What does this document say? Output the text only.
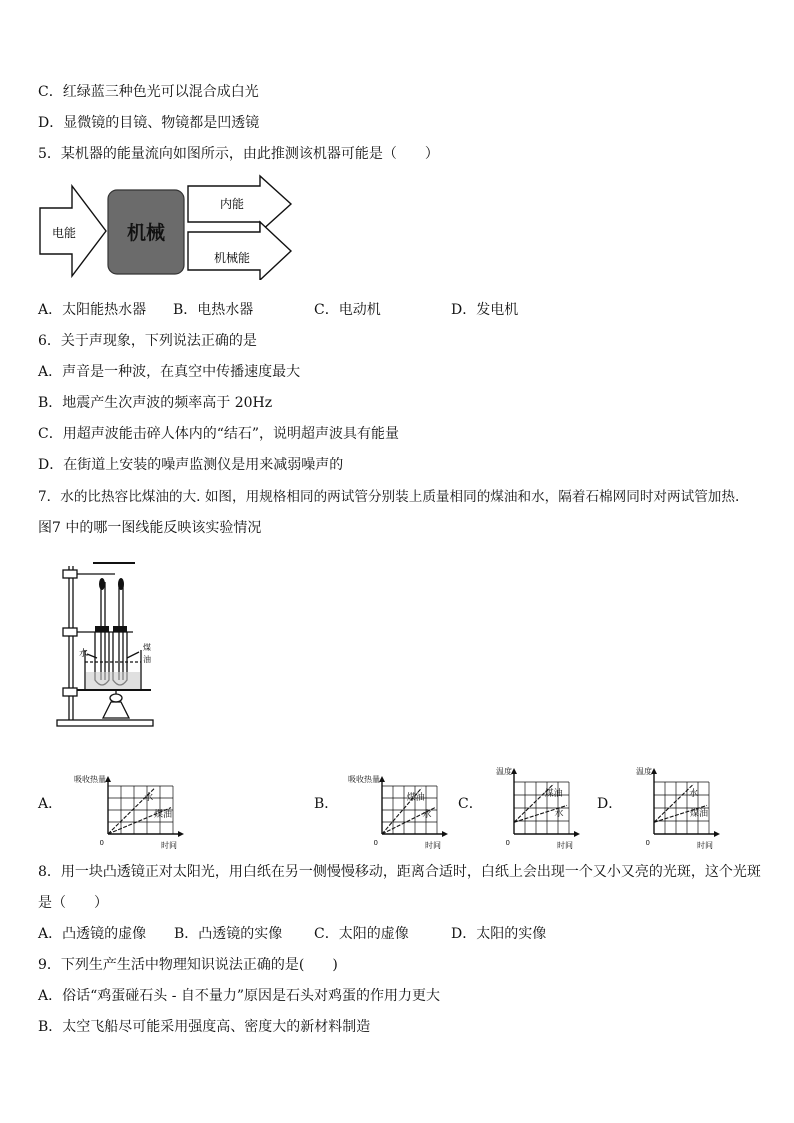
C．红绿蓝三种色光可以混合成白光
D．显微镜的目镜、物镜都是凹透镜
5．某机器的能量流向如图所示，由此推测该机器可能是（　　）
电能	机械
内能
机械能
A．太阳能热水器 B．电热水器	C．电动机	D．发电机
6．关于声现象，下列说法正确的是
A．声音是一种波，在真空中传播速度最大
B．地震产生次声波的频率高于 20Hz
C．用超声波能击碎人体内的“结石”，说明超声波具有能量
D．在街道上安装的噪声监测仪是用来减弱噪声的
7．水的比热容比煤油的大. 如图，用规格相同的两试管分别装上质量相同的煤油和水，隔着石棉网同时对两试管加热.
图7 中的哪一图线能反映该实验情况
水
煤
油
A．	B．	C．	D．
吸收热量
时间
0
水
煤油
吸收热量
时间
0
煤油
水
温度
时间
0
煤油
水
温度
时间
0
水
煤油
8．用一块凸透镜正对太阳光，用白纸在另一侧慢慢移动，距离合适时，白纸上会出现一个又小又亮的光斑，这个光斑
是（　　）
A．凸透镜的虚像 B．凸透镜的实像 C．太阳的虚像	D．太阳的实像
9．下列生产生活中物理知识说法正确的是(　　)
A．俗话“鸡蛋碰石头 - 自不量力”原因是石头对鸡蛋的作用力更大
B．太空飞船尽可能采用强度高、密度大的新材料制造
